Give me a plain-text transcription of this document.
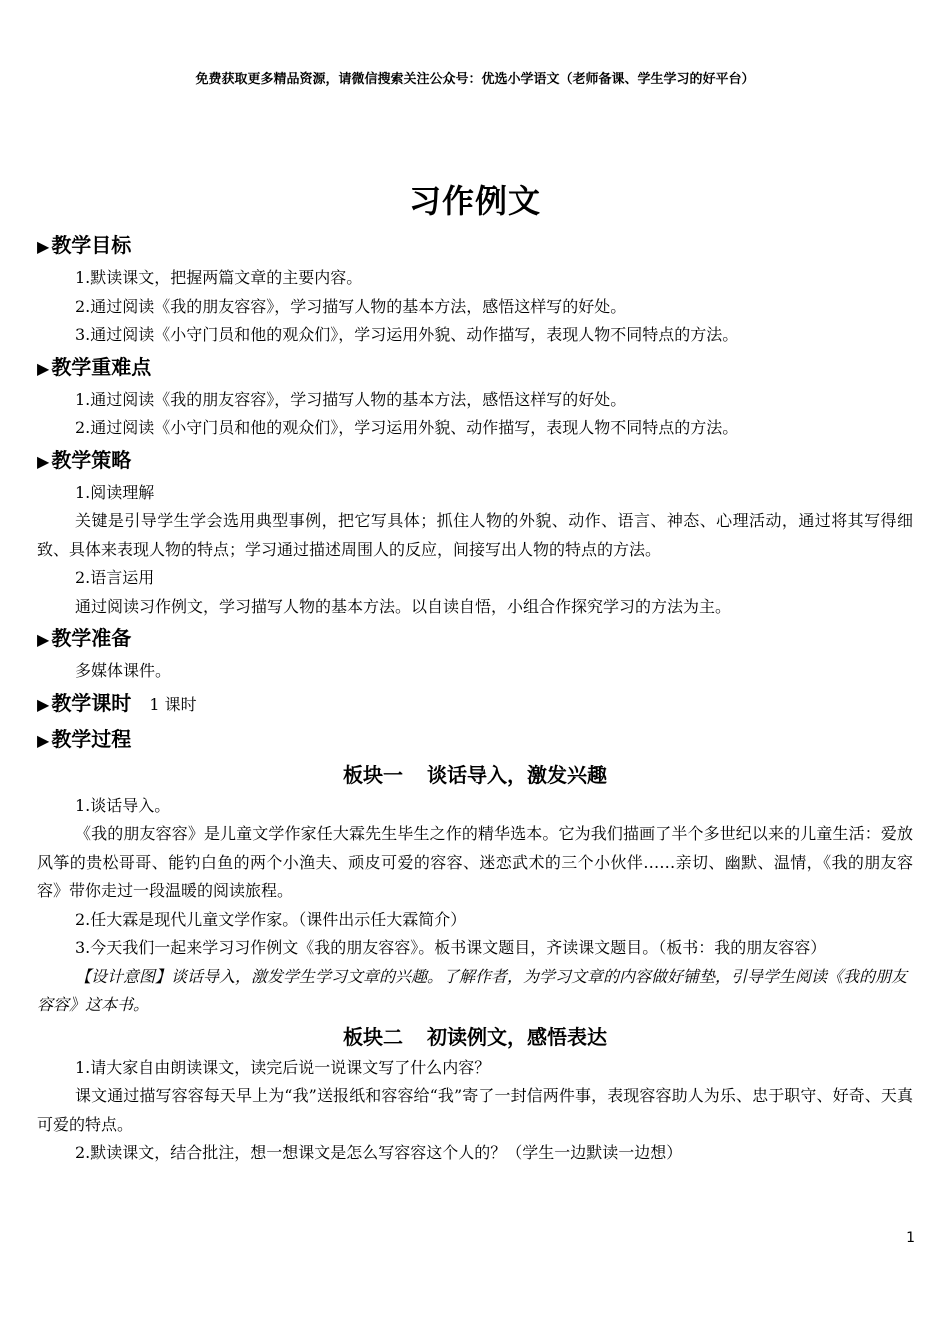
免费获取更多精品资源，请微信搜索关注公众号：优选小学语文（老师备课、学生学习的好平台）
习作例文

▶ 教学目标

1.默读课文，把握两篇文章的主要内容。

2.通过阅读《我的朋友容容》，学习描写人物的基本方法，感悟这样写的好处。

3.通过阅读《小守门员和他的观众们》，学习运用外貌、动作描写，表现人物不同特点的方法。

▶ 教学重难点

1.通过阅读《我的朋友容容》，学习描写人物的基本方法，感悟这样写的好处。

2.通过阅读《小守门员和他的观众们》，学习运用外貌、动作描写，表现人物不同特点的方法。

▶ 教学策略

1.阅读理解

关键是引导学生学会选用典型事例，把它写具体；抓住人物的外貌、动作、语言、神态、心理活动，通过将其写得细致、具体来表现人物的特点；学习通过描述周围人的反应，间接写出人物的特点的方法。

2.语言运用

通过阅读习作例文，学习描写人物的基本方法。以自读自悟，小组合作探究学习的方法为主。

▶ 教学准备

多媒体课件。

▶ 教学课时 1 课时

▶ 教学过程

板块一 谈话导入，激发兴趣

1.谈话导入。

《我的朋友容容》是儿童文学作家任大霖先生毕生之作的精华选本。它为我们描画了半个多世纪以来的儿童生活：爱放风筝的贵松哥哥、能钓白鱼的两个小渔夫、顽皮可爱的容容、迷恋武术的三个小伙伴……亲切、幽默、温情，《我的朋友容容》带你走过一段温暖的阅读旅程。

2.任大霖是现代儿童文学作家。（课件出示任大霖简介）

3.今天我们一起来学习习作例文《我的朋友容容》。板书课文题目，齐读课文题目。（板书：我的朋友容容）

【设计意图】谈话导入，激发学生学习文章的兴趣。了解作者，为学习文章的内容做好铺垫，引导学生阅读《我的朋友容容》这本书。

板块二 初读例文，感悟表达

1.请大家自由朗读课文，读完后说一说课文写了什么内容？

课文通过描写容容每天早上为“我”送报纸和容容给“我”寄了一封信两件事，表现容容助人为乐、忠于职守、好奇、天真可爱的特点。

2.默读课文，结合批注，想一想课文是怎么写容容这个人的？（学生一边默读一边想）

1
